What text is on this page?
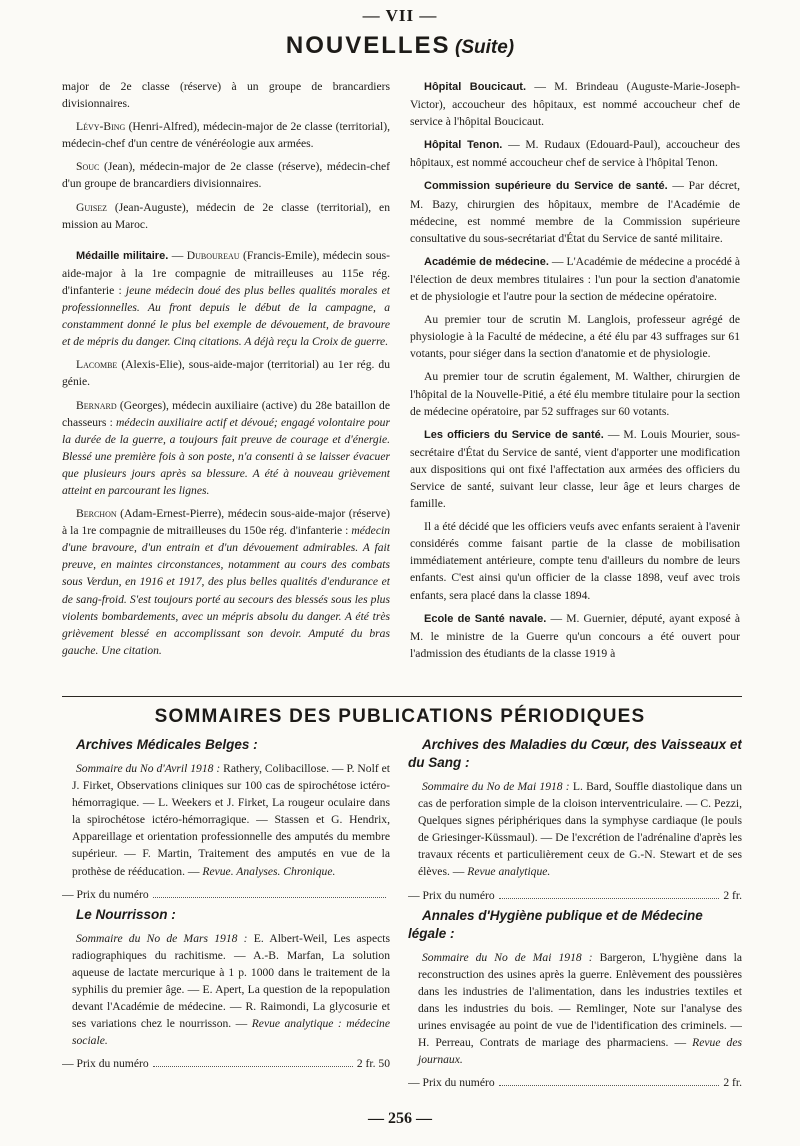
— VII —
NOUVELLES (Suite)

major de 2e classe (réserve) à un groupe de brancardiers divisionnaires.

Lévy-Bing (Henri-Alfred), médecin-major de 2e classe (territorial), médecin-chef d'un centre de vénéréologie aux armées.

Souc (Jean), médecin-major de 2e classe (réserve), médecin-chef d'un groupe de brancardiers divisionnaires.

Guisez (Jean-Auguste), médecin de 2e classe (territorial), en mission au Maroc.

Médaille militaire. — Duboureau (Francis-Emile), médecin sous-aide-major à la 1re compagnie de mitrailleuses au 115e rég. d'infanterie : jeune médecin doué des plus belles qualités morales et professionnelles. Au front depuis le début de la campagne, a constamment donné le plus bel exemple de dévouement, de bravoure et de mépris du danger. Cinq citations. A déjà reçu la Croix de guerre.

Lacombe (Alexis-Elie), sous-aide-major (territorial) au 1er rég. du génie.

Bernard (Georges), médecin auxiliaire (active) du 28e bataillon de chasseurs : médecin auxiliaire actif et dévoué; engagé volontaire pour la durée de la guerre, a toujours fait preuve de courage et d'énergie. Blessé une première fois à son poste, n'a consenti à se laisser évacuer que plusieurs jours après sa blessure. A été à nouveau grièvement atteint en parcourant les lignes.

Berchon (Adam-Ernest-Pierre), médecin sous-aide-major (réserve) à la 1re compagnie de mitrailleuses du 150e rég. d'infanterie : médecin d'une bravoure, d'un entrain et d'un dévouement admirables. A fait preuve, en maintes circonstances, notamment au cours des combats sous Verdun, en 1916 et 1917, des plus belles qualités d'endurance et de sang-froid. S'est toujours porté au secours des blessés sous les plus violents bombardements, avec un mépris absolu du danger. A été très grièvement blessé en accomplissant son devoir. Amputé du bras gauche. Une citation.

Hôpital Boucicaut. — M. Brindeau (Auguste-Marie-Joseph-Victor), accoucheur des hôpitaux, est nommé accoucheur chef de service à l'hôpital Boucicaut.

Hôpital Tenon. — M. Rudaux (Edouard-Paul), accoucheur des hôpitaux, est nommé accoucheur chef de service à l'hôpital Tenon.

Commission supérieure du Service de santé. — Par décret, M. Bazy, chirurgien des hôpitaux, membre de l'Académie de médecine, est nommé membre de la Commission supérieure consultative du sous-secrétariat d'État du Service de santé militaire.

Académie de médecine. — L'Académie de médecine a procédé à l'élection de deux membres titulaires : l'un pour la section d'anatomie et de physiologie et l'autre pour la section de médecine opératoire.

Au premier tour de scrutin M. Langlois, professeur agrégé de physiologie à la Faculté de médecine, a été élu par 43 suffrages sur 61 votants, pour siéger dans la section d'anatomie et de physiologie.

Au premier tour de scrutin également, M. Walther, chirurgien de l'hôpital de la Nouvelle-Pitié, a été élu membre titulaire pour la section de médecine opératoire, par 52 suffrages sur 60 votants.

Les officiers du Service de santé. — M. Louis Mourier, sous-secrétaire d'État du Service de santé, vient d'apporter une modification aux dispositions qui ont fixé l'affectation aux armées des officiers du Service de santé, suivant leur classe, leur âge et leurs charges de famille.

Il a été décidé que les officiers veufs avec enfants seraient à l'avenir considérés comme faisant partie de la classe de mobilisation immédiatement antérieure, compte tenu d'ailleurs du nombre de leurs enfants. C'est ainsi qu'un officier de la classe 1898, veuf avec trois enfants, sera placé dans la classe 1894.

Ecole de Santé navale. — M. Guernier, député, ayant exposé à M. le ministre de la Guerre qu'un concours a été ouvert pour l'admission des étudiants de la classe 1919 à

SOMMAIRES DES PUBLICATIONS PÉRIODIQUES

Archives Médicales Belges :

Sommaire du No d'Avril 1918 : Rathery, Colibacillose. — P. Nolf et J. Firket, Observations cliniques sur 100 cas de spirochétose ictéro-hémorragique. — L. Weekers et J. Firket, La rougeur oculaire dans la spirochétose ictéro-hémorragique. — Stassen et G. Hendrix, Appareillage et orientation professionnelle des amputés du membre supérieur. — F. Martin, Traitement des amputés en vue de la prothèse de rééducation. — Revue. Analyses. Chronique.

— Prix du numéro

Le Nourrisson :

Sommaire du No de Mars 1918 : E. Albert-Weil, Les aspects radiographiques du rachitisme. — A.-B. Marfan, La solution aqueuse de lactate mercurique à 1 p. 1000 dans le traitement de la syphilis du premier âge. — E. Apert, La question de la repopulation devant l'Académie de médecine. — R. Raimondi, La glycosurie et ses variations chez le nourrisson. — Revue analytique : médecine sociale.

— Prix du numéro	2 fr. 50

Archives des Maladies du Cœur, des Vaisseaux et du Sang :

Sommaire du No de Mai 1918 : L. Bard, Souffle diastolique dans un cas de perforation simple de la cloison interventriculaire. — C. Pezzi, Quelques signes périphériques dans la symphyse cardiaque (le pouls de Griesinger-Küssmaul). — De l'excrétion de l'adrénaline d'après les travaux récents et particulièrement ceux de G.-N. Stewart et de ses élèves. — Revue analytique.

— Prix du numéro	2 fr.

Annales d'Hygiène publique et de Médecine légale :

Sommaire du No de Mai 1918 : Bargeron, L'hygiène dans la reconstruction des usines après la guerre. Enlèvement des poussières dans les industries de l'alimentation, dans les industries textiles et dans les industries du bois. — Remlinger, Note sur l'analyse des urines envisagée au point de vue de l'identification des criminels. — H. Perreau, Contrats de mariage des pharmaciens. — Revue des journaux.

— Prix du numéro	2 fr.
— 256 —
